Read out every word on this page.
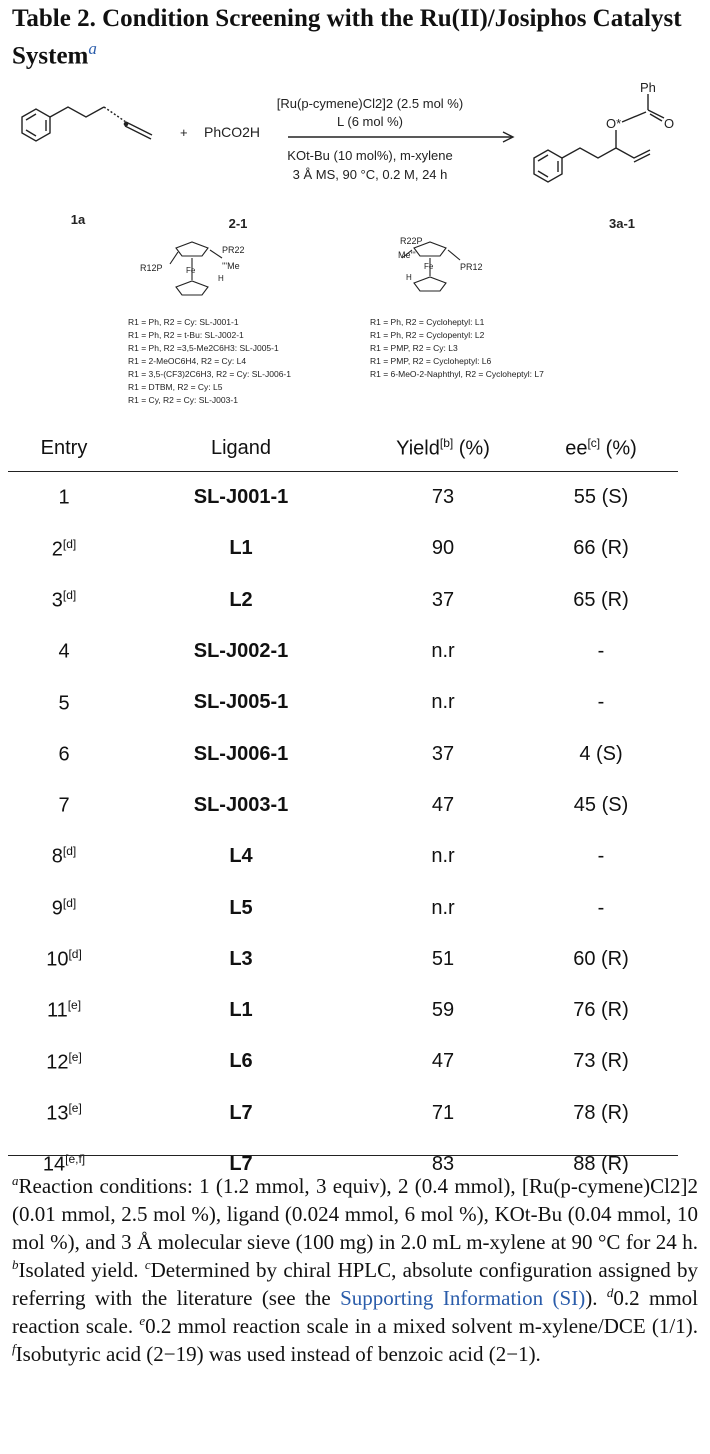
Table 2. Condition Screening with the Ru(II)/Josiphos Catalyst System$^a$
+ PhCO2H
[Ru(p-cymene)Cl2]2 (2.5 mol %)
L (6 mol %)
KOt-Bu (10 mol%), m-xylene
3 Å MS, 90 °C, 0.2 M, 24 h
Ph
O*	O
1a	2-1	3a-1
PR22
R12P	Fe	'''Me
H
R1 = Ph, R2 = Cy: SL-J001-1
R1 = Ph, R2 = t-Bu: SL-J002-1
R1 = Ph, R2 =3,5-Me2C6H3: SL-J005-1
R1 = 2-MeOC6H4, R2 = Cy: L4
R1 = 3,5-(CF3)2C6H3, R2 = Cy: SL-J006-1
R1 = DTBM, R2 = Cy: L5
R1 = Cy, R2 = Cy: SL-J003-1
R22P
Me'''
PR12
Fe
H
R1 = Ph, R2 = Cycloheptyl: L1
R1 = Ph, R2 = Cyclopentyl: L2
R1 = PMP, R2 = Cy: L3
R1 = PMP, R2 = Cycloheptyl: L6
R1 = 6-MeO-2-Naphthyl, R2 = Cycloheptyl: L7
Entry	Ligand	Yield[b] (%)	ee[c] (%)
1	SL-J001-1	73	55 (S)
2[d]	L1	90	66 (R)
3[d]	L2	37	65 (R)
4	SL-J002-1	n.r	-
5	SL-J005-1	n.r	-
6	SL-J006-1	37	4 (S)
7	SL-J003-1	47	45 (S)
8[d]	L4	n.r	-
9[d]	L5	n.r	-
10[d]	L3	51	60 (R)
11[e]	L1	59	76 (R)
12[e]	L6	47	73 (R)
13[e]	L7	71	78 (R)
14[e,f]	L7	83	88 (R)

$^a$Reaction conditions: 1 (1.2 mmol, 3 equiv), 2 (0.4 mmol), [Ru(p-cymene)Cl2]2 (0.01 mmol, 2.5 mol %), ligand (0.024 mmol, 6 mol %), KOt-Bu (0.04 mmol, 10 mol %), and 3 Å molecular sieve (100 mg) in 2.0 mL m-xylene at 90 °C for 24 h. $^b$Isolated yield. $^c$Determined by chiral HPLC, absolute configuration assigned by referring with the literature (see the Supporting Information (SI)). $^d$0.2 mmol reaction scale. $^e$0.2 mmol reaction scale in a mixed solvent m-xylene/DCE (1/1). $^f$Isobutyric acid (2−19) was used instead of benzoic acid (2−1).
